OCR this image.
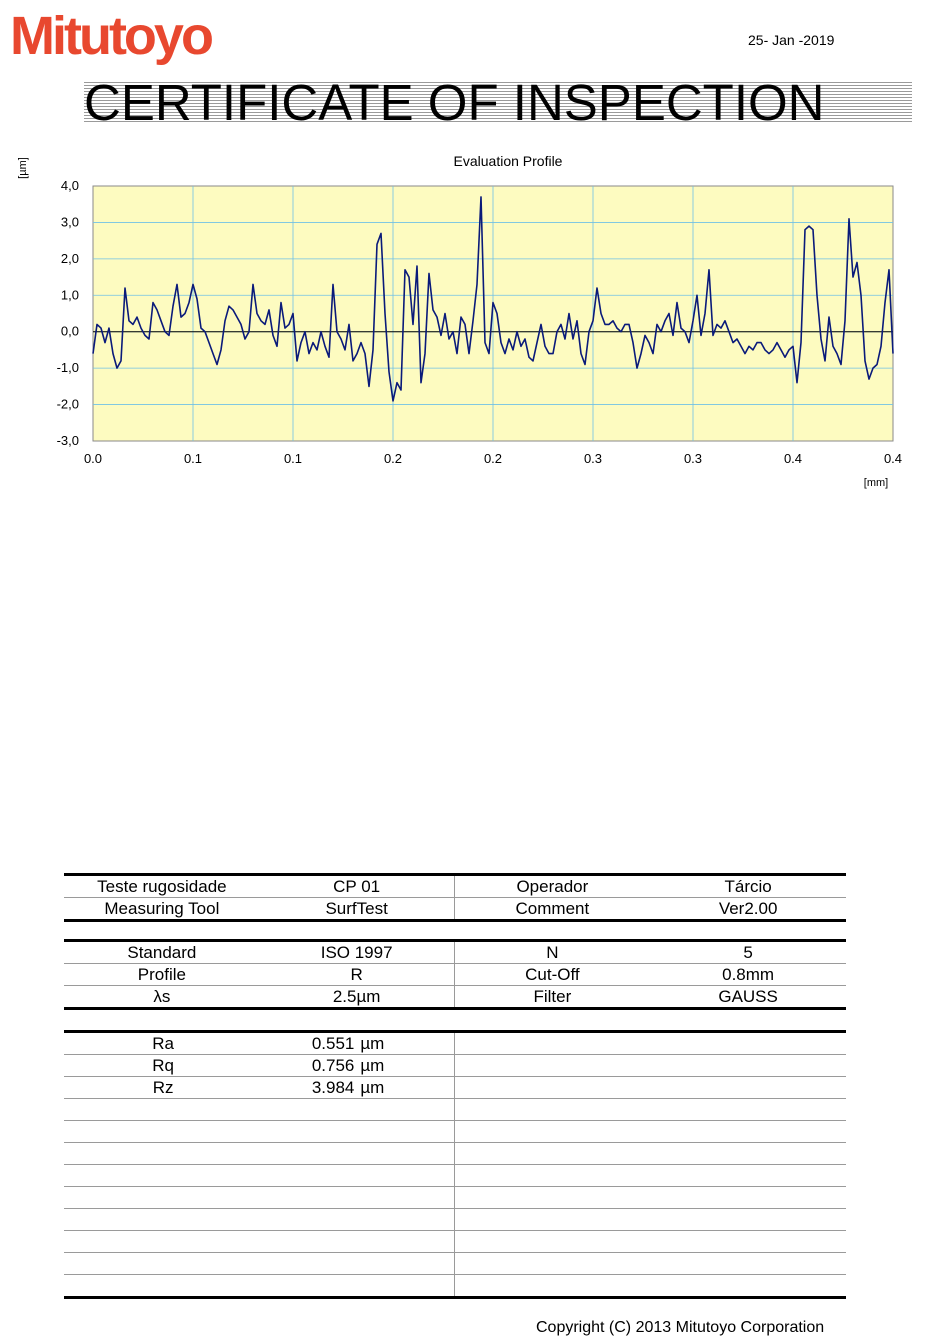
Mitutoyo	25- Jan -2019
CERTIFICATE OF INSPECTION
Evaluation Profile
[µm]
[mm]
4,0
3,0
2,0
1,0
0,0
-1,0
-2,0
-3,0
0.0	0.1	0.1	0.2	0.2	0.3	0.3	0.4	0.4
Teste rugosidade	CP 01	Operador	Tárcio
Measuring Tool	SurfTest	Comment	Ver2.00
Standard	ISO 1997	N	5
Profile	R	Cut-Off	0.8mm
λs	2.5µm	Filter	GAUSS
Ra	0.551	µm	
Rq	0.756	µm	
Rz	3.984	µm	

Copyright (C) 2013 Mitutoyo Corporation
